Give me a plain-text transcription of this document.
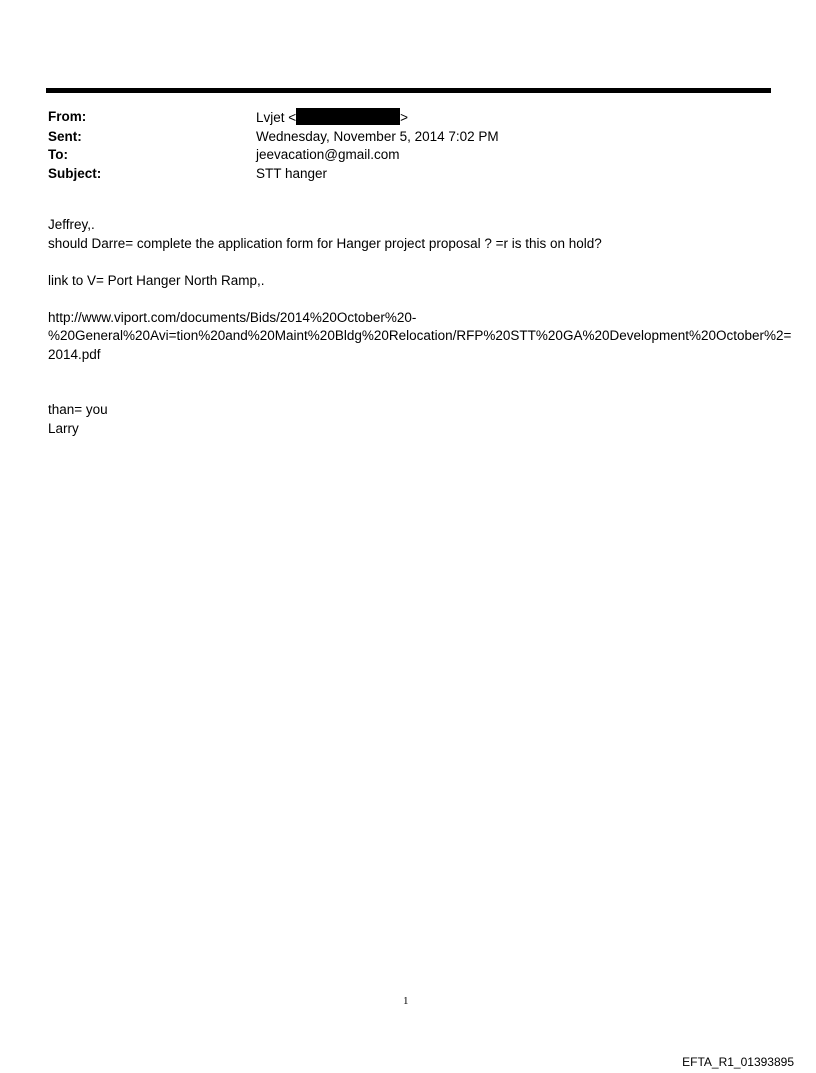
From:	Lvjet <	>
Sent:	Wednesday, November 5, 2014 7:02 PM
To:	jeevacation@gmail.com
Subject:	STT hanger

Jeffrey,.

should Darre= complete the application form for Hanger project proposal ? =r is this on hold?

link to V= Port Hanger North Ramp,.

http://www.viport.com/documents/Bids/2014%20October%20-

%20General%20Avi=tion%20and%20Maint%20Bldg%20Relocation/RFP%20STT%20GA%20Development%20October%2=

2014.pdf

than= you

Larry

1
EFTA_R1_01393895
